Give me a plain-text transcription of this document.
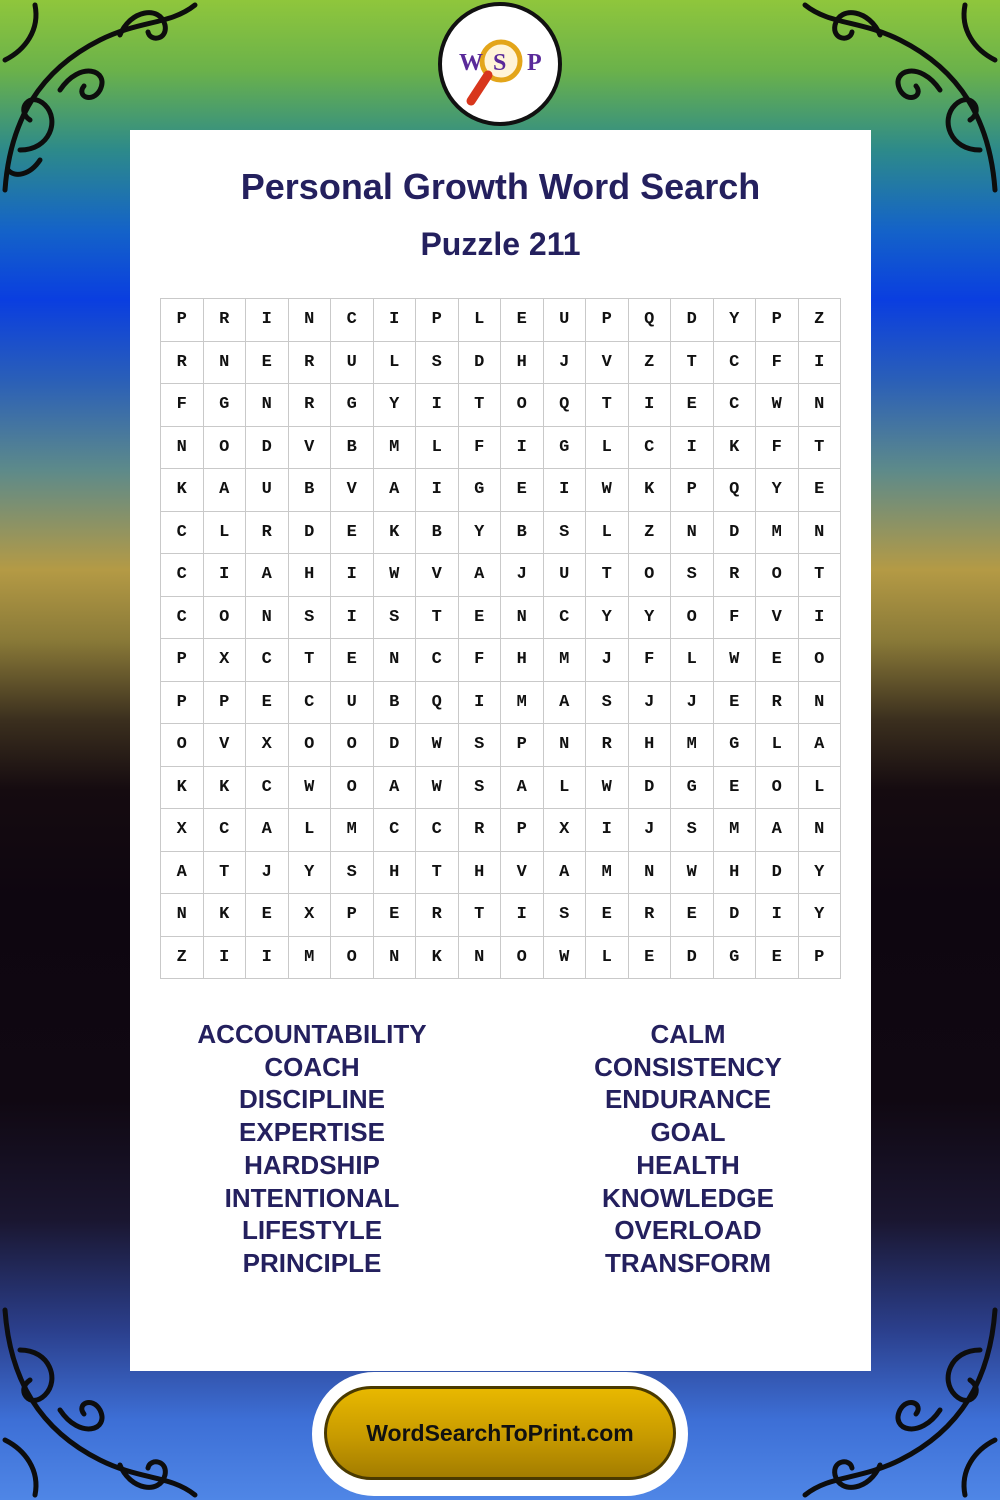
Personal Growth Word Search
Puzzle 211
P	R	I	N	C	I	P	L	E	U	P	Q	D	Y	P	Z
R	N	E	R	U	L	S	D	H	J	V	Z	T	C	F	I
F	G	N	R	G	Y	I	T	O	Q	T	I	E	C	W	N
N	O	D	V	B	M	L	F	I	G	L	C	I	K	F	T
K	A	U	B	V	A	I	G	E	I	W	K	P	Q	Y	E
C	L	R	D	E	K	B	Y	B	S	L	Z	N	D	M	N
C	I	A	H	I	W	V	A	J	U	T	O	S	R	O	T
C	O	N	S	I	S	T	E	N	C	Y	Y	O	F	V	I
P	X	C	T	E	N	C	F	H	M	J	F	L	W	E	O
P	P	E	C	U	B	Q	I	M	A	S	J	J	E	R	N
O	V	X	O	O	D	W	S	P	N	R	H	M	G	L	A
K	K	C	W	O	A	W	S	A	L	W	D	G	E	O	L
X	C	A	L	M	C	C	R	P	X	I	J	S	M	A	N
A	T	J	Y	S	H	T	H	V	A	M	N	W	H	D	Y
N	K	E	X	P	E	R	T	I	S	E	R	E	D	I	Y
Z	I	I	M	O	N	K	N	O	W	L	E	D	G	E	P
ACCOUNTABILITY
COACH
DISCIPLINE
EXPERTISE
HARDSHIP
INTENTIONAL
LIFESTYLE
PRINCIPLE
CALM
CONSISTENCY
ENDURANCE
GOAL
HEALTH
KNOWLEDGE
OVERLOAD
TRANSFORM
W S P
WordSearchToPrint.com
